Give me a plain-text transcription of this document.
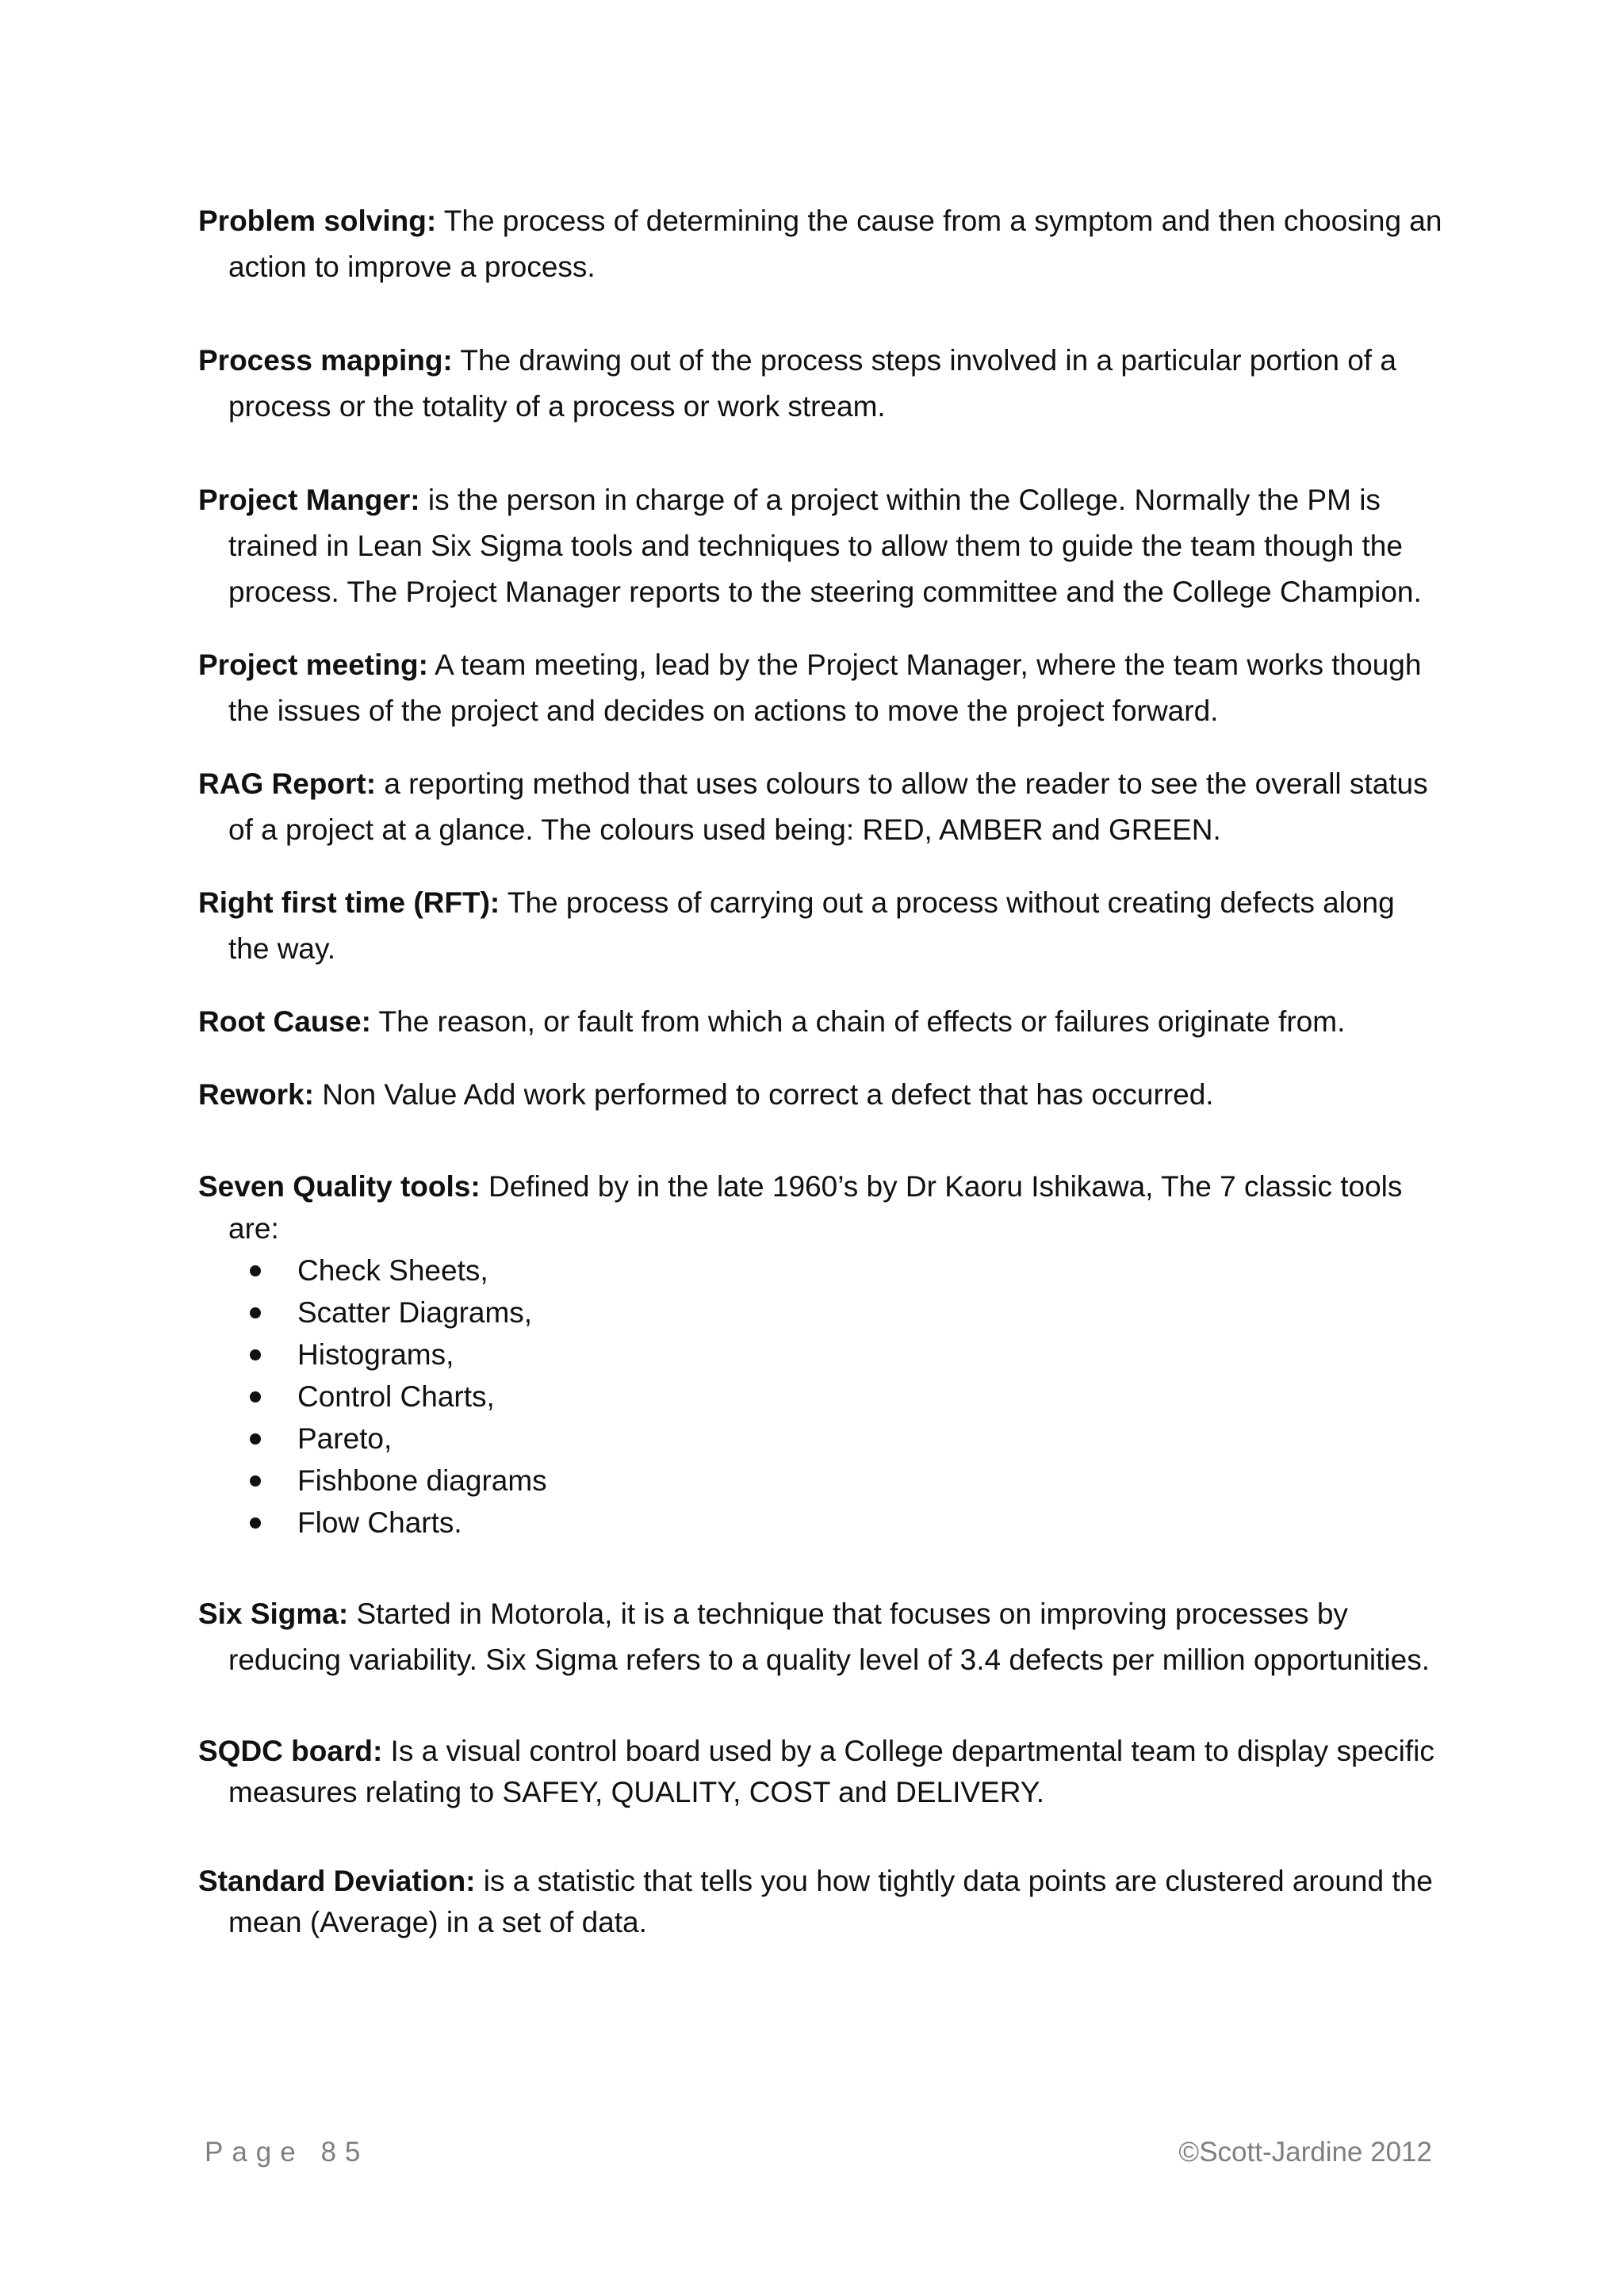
Problem solving: The process of determining the cause from a symptom and then choosing an action to improve a process.

Process mapping: The drawing out of the process steps involved in a particular portion of a process or the totality of a process or work stream.

Project Manger: is the person in charge of a project within the College. Normally the PM is trained in Lean Six Sigma tools and techniques to allow them to guide the team though the process. The Project Manager reports to the steering committee and the College Champion.

Project meeting: A team meeting, lead by the Project Manager, where the team works though the issues of the project and decides on actions to move the project forward.

RAG Report: a reporting method that uses colours to allow the reader to see the overall status of a project at a glance. The colours used being: RED, AMBER and GREEN.

Right first time (RFT): The process of carrying out a process without creating defects along the way.

Root Cause: The reason, or fault from which a chain of effects or failures originate from.

Rework: Non Value Add work performed to correct a defect that has occurred.

Seven Quality tools: Defined by in the late 1960’s by Dr Kaoru Ishikawa, The 7 classic tools are:

Check Sheets,
Scatter Diagrams,
Histograms,
Control Charts,
Pareto,
Fishbone diagrams
Flow Charts.

Six Sigma: Started in Motorola, it is a technique that focuses on improving processes by reducing variability. Six Sigma refers to a quality level of 3.4 defects per million opportunities.

SQDC board: Is a visual control board used by a College departmental team to display specific measures relating to SAFEY, QUALITY, COST and DELIVERY.

Standard Deviation: is a statistic that tells you how tightly data points are clustered around the mean (Average) in a set of data.

Page 85	©Scott-Jardine 2012
